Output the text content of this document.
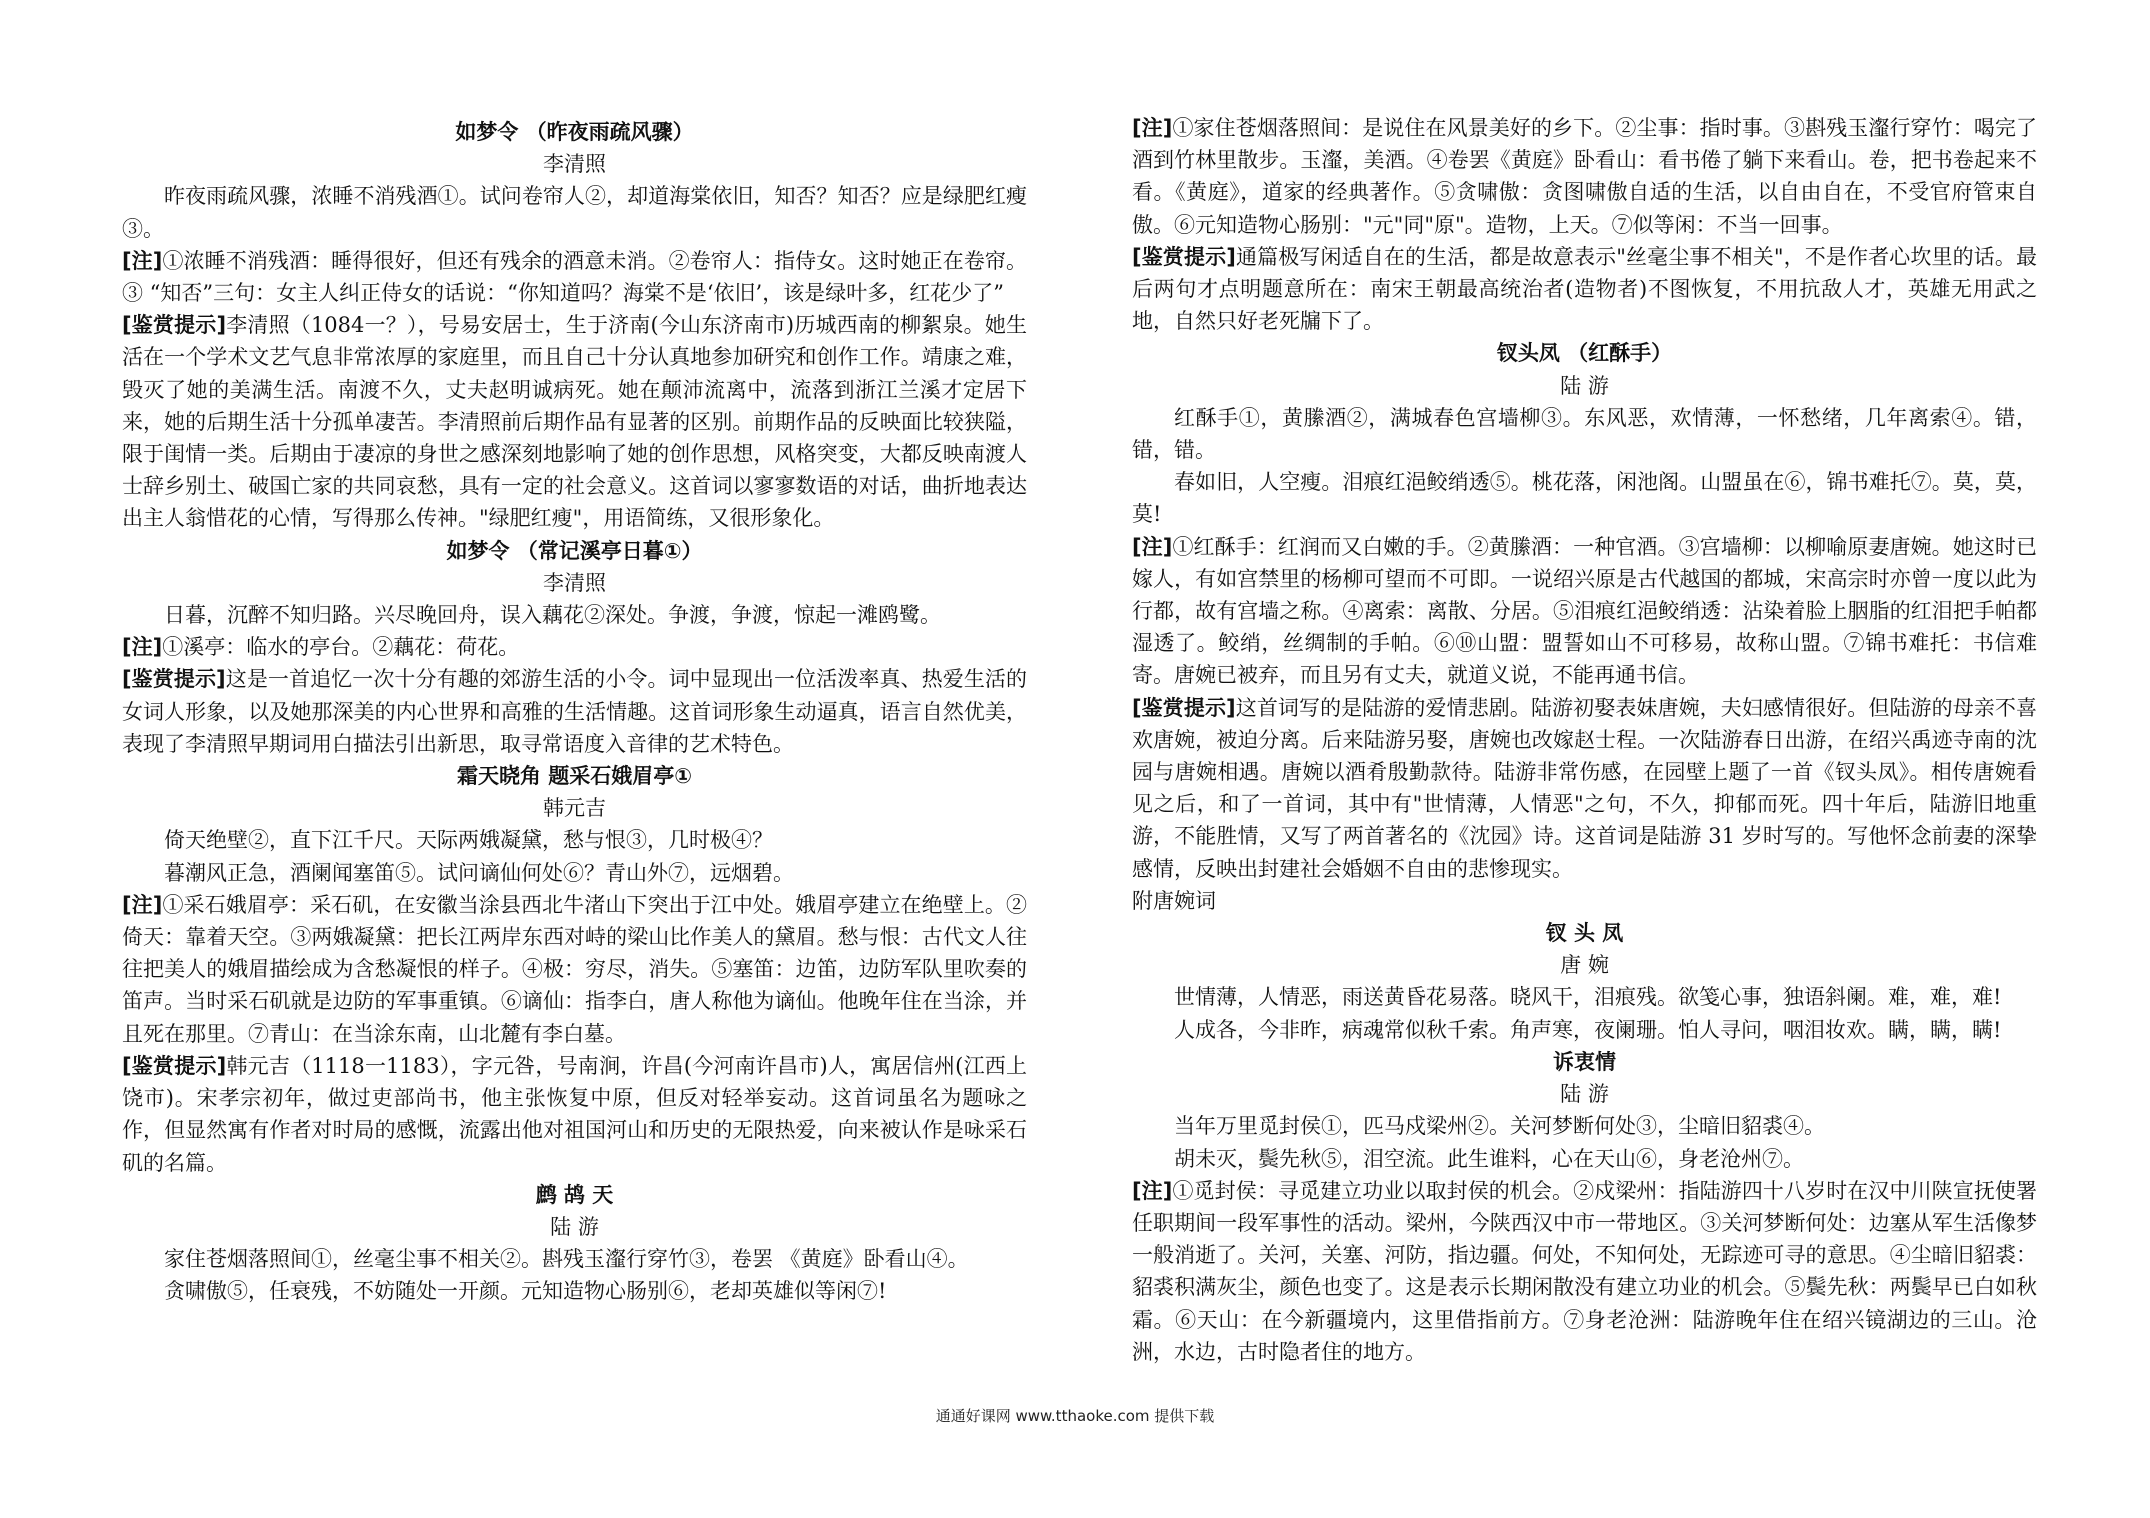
如梦令 （昨夜雨疏风骤）

李清照

昨夜雨疏风骤，浓睡不消残酒①。试问卷帘人②，却道海棠依旧，知否？知否？应是绿肥红瘦③。

[注]①浓睡不消残酒：睡得很好，但还有残余的酒意未消。②卷帘人：指侍女。这时她正在卷帘。③ “知否”三句：女主人纠正侍女的话说：“你知道吗？海棠不是‘依旧’，该是绿叶多，红花少了”

[鉴赏提示]李清照（1084一？），号易安居士，生于济南(今山东济南市)历城西南的柳絮泉。她生活在一个学术文艺气息非常浓厚的家庭里，而且自己十分认真地参加研究和创作工作。靖康之难，毁灭了她的美满生活。南渡不久，丈夫赵明诚病死。她在颠沛流离中，流落到浙江兰溪才定居下来，她的后期生活十分孤单凄苦。李清照前后期作品有显著的区别。前期作品的反映面比较狭隘，限于闺情一类。后期由于凄凉的身世之感深刻地影响了她的创作思想，风格突变，大都反映南渡人士辞乡别土、破国亡家的共同哀愁，具有一定的社会意义。这首词以寥寥数语的对话，曲折地表达出主人翁惜花的心情，写得那么传神。"绿肥红瘦"，用语简练，又很形象化。

如梦令 （常记溪亭日暮①）

李清照

日暮，沉醉不知归路。兴尽晚回舟，误入藕花②深处。争渡，争渡，惊起一滩鸥鹭。

[注]①溪亭：临水的亭台。②藕花：荷花。

[鉴赏提示]这是一首追忆一次十分有趣的郊游生活的小令。词中显现出一位活泼率真、热爱生活的女词人形象，以及她那深美的内心世界和高雅的生活情趣。这首词形象生动逼真，语言自然优美，表现了李清照早期词用白描法引出新思，取寻常语度入音律的艺术特色。

霜天晓角 题采石娥眉亭①

韩元吉

倚天绝壁②，直下江千尺。天际两娥凝黛，愁与恨③，几时极④？

暮潮风正急，酒阑闻塞笛⑤。试问谪仙何处⑥？青山外⑦，远烟碧。

[注]①采石娥眉亭：采石矶，在安徽当涂县西北牛渚山下突出于江中处。娥眉亭建立在绝壁上。②倚天：靠着天空。③两娥凝黛：把长江两岸东西对峙的梁山比作美人的黛眉。愁与恨：古代文人往往把美人的娥眉描绘成为含愁凝恨的样子。④极：穷尽，消失。⑤塞笛：边笛，边防军队里吹奏的笛声。当时采石矶就是边防的军事重镇。⑥谪仙：指李白，唐人称他为谪仙。他晚年住在当涂，并且死在那里。⑦青山：在当涂东南，山北麓有李白墓。

[鉴赏提示]韩元吉（1118一1183），字元咎，号南涧，许昌(今河南许昌市)人，寓居信州(江西上饶市)。宋孝宗初年，做过吏部尚书，他主张恢复中原，但反对轻举妄动。这首词虽名为题咏之作，但显然寓有作者对时局的感慨，流露出他对祖国河山和历史的无限热爱，向来被认作是咏采石矶的名篇。

鹧 鸪 天

陆 游

家住苍烟落照间①，丝毫尘事不相关②。斟残玉瀣行穿竹③，卷罢 《黄庭》卧看山④。

贪啸傲⑤，任衰残，不妨随处一开颜。元知造物心肠别⑥，老却英雄似等闲⑦!

[注]①家住苍烟落照间：是说住在风景美好的乡下。②尘事：指时事。③斟残玉瀣行穿竹：喝完了酒到竹林里散步。玉瀣，美酒。④卷罢《黄庭》卧看山：看书倦了躺下来看山。卷，把书卷起来不看。《黄庭》，道家的经典著作。⑤贪啸傲：贪图啸傲自适的生活，以自由自在，不受官府管束自傲。⑥元知造物心肠别："元"同"原"。造物，上天。⑦似等闲：不当一回事。

[鉴赏提示]通篇极写闲适自在的生活，都是故意表示"丝毫尘事不相关"，不是作者心坎里的话。最后两句才点明题意所在：南宋王朝最高统治者(造物者)不图恢复，不用抗敌人才，英雄无用武之地，自然只好老死牖下了。

钗头凤 （红酥手）

陆 游

红酥手①，黄縢酒②，满城春色宫墙柳③。东风恶，欢情薄，一怀愁绪，几年离索④。错，错，错。

春如旧，人空瘦。泪痕红浥鲛绡透⑤。桃花落，闲池阁。山盟虽在⑥，锦书难托⑦。莫，莫，莫!

[注]①红酥手：红润而又白嫩的手。②黄縢酒：一种官酒。③宫墙柳：以柳喻原妻唐婉。她这时已嫁人，有如宫禁里的杨柳可望而不可即。一说绍兴原是古代越国的都城，宋高宗时亦曾一度以此为行都，故有宫墙之称。④离索：离散、分居。⑤泪痕红浥鲛绡透：沾染着脸上胭脂的红泪把手帕都湿透了。鲛绡，丝绸制的手帕。⑥⑩山盟：盟誓如山不可移易，故称山盟。⑦锦书难托：书信难寄。唐婉已被弃，而且另有丈夫，就道义说，不能再通书信。

[鉴赏提示]这首词写的是陆游的爱情悲剧。陆游初娶表妹唐婉，夫妇感情很好。但陆游的母亲不喜欢唐婉，被迫分离。后来陆游另娶，唐婉也改嫁赵士程。一次陆游春日出游，在绍兴禹迹寺南的沈园与唐婉相遇。唐婉以酒肴殷勤款待。陆游非常伤感，在园壁上题了一首《钗头凤》。相传唐婉看见之后，和了一首词，其中有"世情薄，人情恶"之句，不久，抑郁而死。四十年后，陆游旧地重游，不能胜情，又写了两首著名的《沈园》诗。这首词是陆游 31 岁时写的。写他怀念前妻的深挚感情，反映出封建社会婚姻不自由的悲惨现实。

附唐婉词

钗 头 凤

唐 婉

世情薄，人情恶，雨送黄昏花易落。晓风干，泪痕残。欲笺心事，独语斜阑。难，难，难!

人成各，今非昨，病魂常似秋千索。角声寒，夜阑珊。怕人寻问，咽泪妆欢。瞒，瞒，瞒!

诉衷情

陆 游

当年万里觅封侯①，匹马戍梁州②。关河梦断何处③，尘暗旧貂裘④。

胡未灭，鬓先秋⑤，泪空流。此生谁料，心在天山⑥，身老沧州⑦。

[注]①觅封侯：寻觅建立功业以取封侯的机会。②戍梁州：指陆游四十八岁时在汉中川陕宣抚使署任职期间一段军事性的活动。梁州，今陕西汉中市一带地区。③关河梦断何处：边塞从军生活像梦一般消逝了。关河，关塞、河防，指边疆。何处，不知何处，无踪迹可寻的意思。④尘暗旧貂裘：貂裘积满灰尘，颜色也变了。这是表示长期闲散没有建立功业的机会。⑤鬓先秋：两鬓早已白如秋霜。⑥天山：在今新疆境内，这里借指前方。⑦身老沧洲：陆游晚年住在绍兴镜湖边的三山。沧洲，水边，古时隐者住的地方。

通通好课网 www.tthaoke.com 提供下载
